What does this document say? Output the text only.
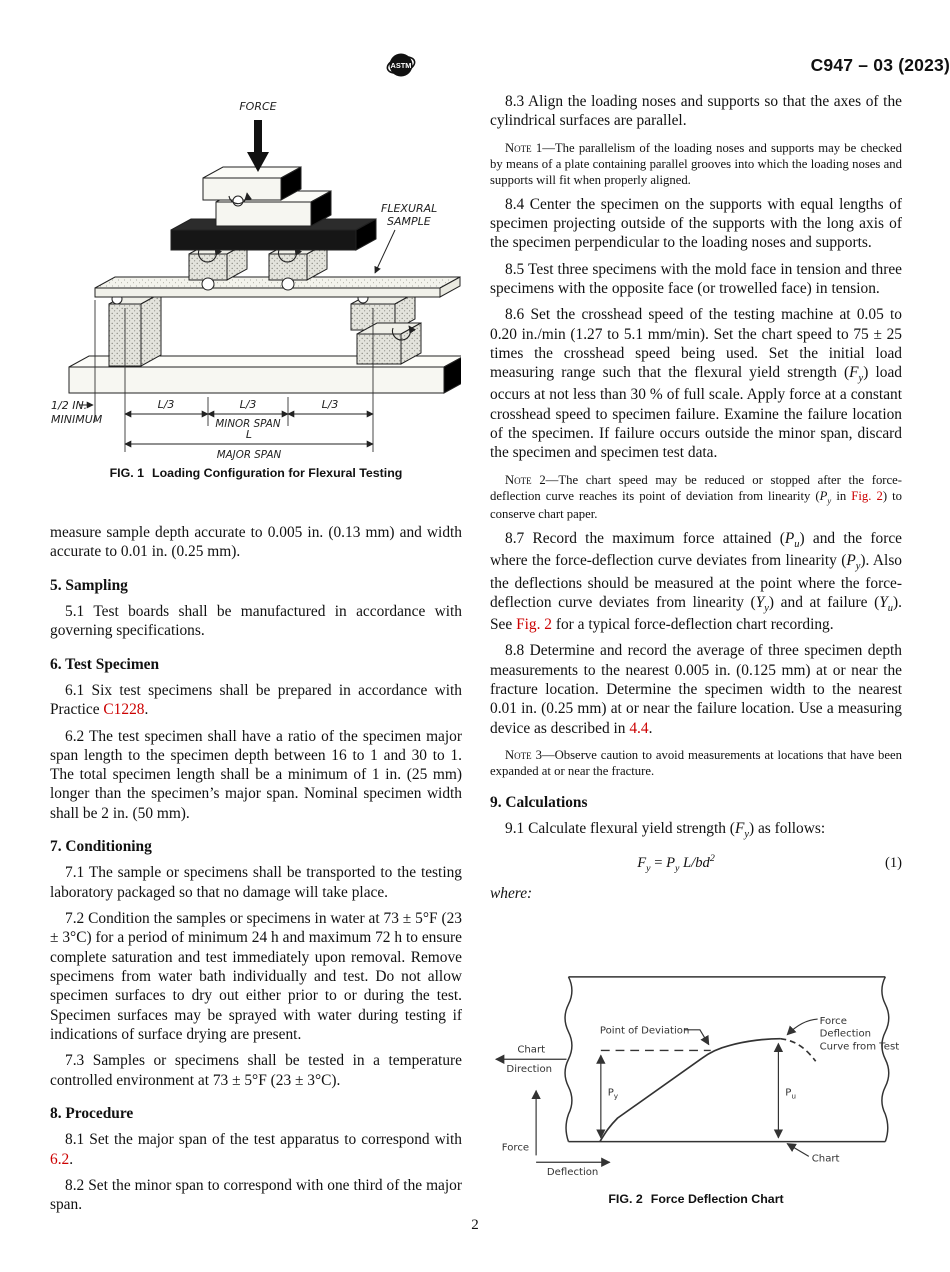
ASTM	C947 – 03 (2023)
FORCE
FLEXURAL
SAMPLE
L/3	L/3	L/3
MINOR SPAN
1/2 IN.
MINIMUM
L
MAJOR SPAN
FIG. 1 Loading Configuration for Flexural Testing

measure sample depth accurate to 0.005 in. (0.13 mm) and width accurate to 0.01 in. (0.25 mm).

5. Sampling

5.1 Test boards shall be manufactured in accordance with governing specifications.

6. Test Specimen

6.1 Six test specimens shall be prepared in accordance with Practice C1228.

6.2 The test specimen shall have a ratio of the specimen major span length to the specimen depth between 16 to 1 and 30 to 1. The total specimen length shall be a minimum of 1 in. (25 mm) longer than the specimen’s major span. Nominal specimen width shall be 2 in. (50 mm).

7. Conditioning

7.1 The sample or specimens shall be transported to the testing laboratory packaged so that no damage will take place.

7.2 Condition the samples or specimens in water at 73 ± 5°F (23 ± 3°C) for a period of minimum 24 h and maximum 72 h to ensure complete saturation and test immediately upon removal. Remove specimens from water bath individually and test. Do not allow specimen surfaces to dry out either prior to or during the test. Specimen surfaces may be sprayed with water during testing if indications of surface drying are present.

7.3 Samples or specimens shall be tested in a temperature controlled environment at 73 ± 5°F (23 ± 3°C).

8. Procedure

8.1 Set the major span of the test apparatus to correspond with 6.2.

8.2 Set the minor span to correspond with one third of the major span.

8.3 Align the loading noses and supports so that the axes of the cylindrical surfaces are parallel.

Note 1—The parallelism of the loading noses and supports may be checked by means of a plate containing parallel grooves into which the loading noses and supports will fit when properly aligned.

8.4 Center the specimen on the supports with equal lengths of specimen projecting outside of the supports with the long axis of the specimen perpendicular to the loading noses and supports.

8.5 Test three specimens with the mold face in tension and three specimens with the opposite face (or trowelled face) in tension.

8.6 Set the crosshead speed of the testing machine at 0.05 to 0.20 in./min (1.27 to 5.1 mm/min). Set the chart speed to 75 ± 25 times the crosshead speed being used. Set the initial load measuring range such that the flexural yield strength $(F_y)$ load occurs at not less than 30 % of full scale. Apply force at a constant crosshead speed to specimen failure. Examine the failure location of the specimen. If failure occurs outside the minor span, discard the specimen and specimen test data.

Note 2—The chart speed may be reduced or stopped after the force-deflection curve reaches its point of deviation from linearity ($P_y$ in Fig. 2) to conserve chart paper.

8.7 Record the maximum force attained $(P_u)$ and the force where the force-deflection curve deviates from linearity $(P_y)$. Also the deflections should be measured at the point where the force-deflection curve deviates from linearity $(Y_y)$ and at failure $(Y_u)$. See Fig. 2 for a typical force-deflection chart recording.

8.8 Determine and record the average of three specimen depth measurements to the nearest 0.005 in. (0.125 mm) at or near the fracture location. Determine the specimen width to the nearest 0.01 in. (0.25 mm) at or near the failure location. Use a measuring device as described in 4.4.

Note 3—Observe caution to avoid measurements at locations that have been expanded at or near the fracture.

9. Calculations

9.1 Calculate flexural yield strength $(F_y)$ as follows:

$F_y = P_y$ $L/bd^2$	(1)

where:

$P_y$	$P_u$
Point of Deviation
Force
Deflection
Curve from Test
Chart
Direction
Force
Deflection
Chart
FIG. 2 Force Deflection Chart
2
